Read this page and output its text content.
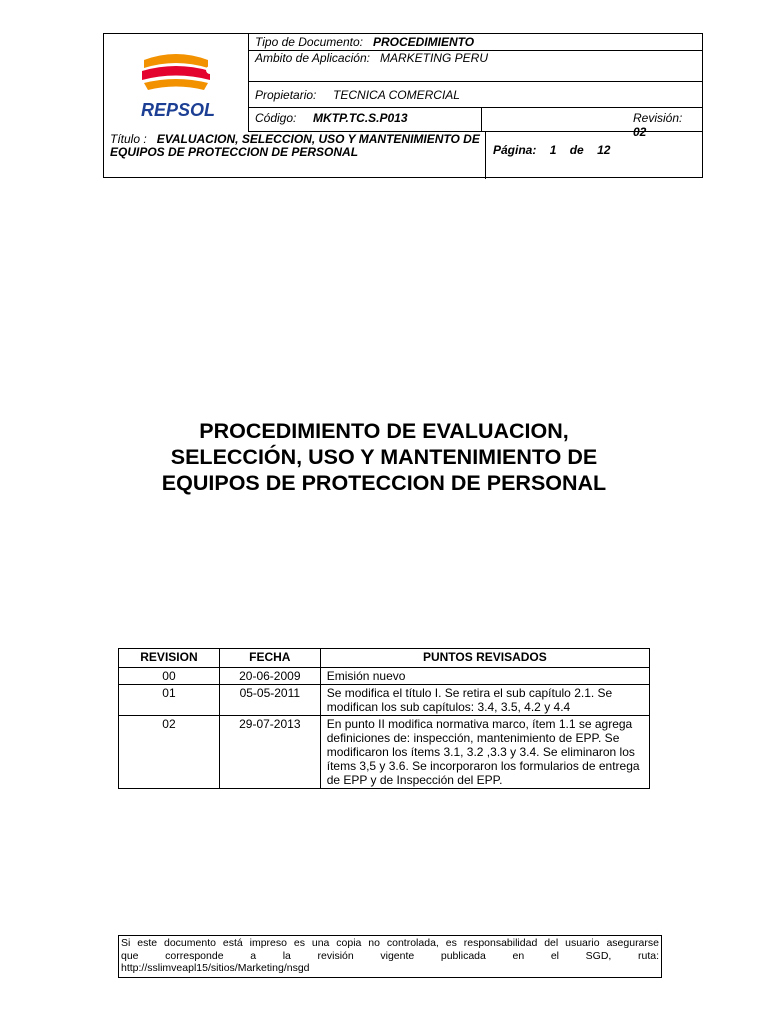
REPSOL
Tipo de Documento: PROCEDIMIENTO
Ambito de Aplicación: MARKETING PERU
Propietario: TECNICA COMERCIAL
Código: MKTP.TC.S.P013	Revisión:  02
Título : EVALUACION, SELECCION, USO Y MANTENIMIENTO DE EQUIPOS DE PROTECCION DE PERSONAL	Página: 1 de 12
PROCEDIMIENTO DE EVALUACION,
SELECCIÓN, USO Y MANTENIMIENTO DE
EQUIPOS DE PROTECCION DE PERSONAL
REVISION	FECHA	PUNTOS REVISADOS
00	20-06-2009	Emisión nuevo
01	05-05-2011	Se modifica el título I. Se retira el sub capítulo 2.1. Se modifican los sub capítulos: 3.4, 3.5, 4.2 y 4.4
02	29-07-2013	En punto II modifica normativa marco, ítem 1.1 se agrega definiciones de: inspección, mantenimiento de EPP. Se modificaron los ítems 3.1, 3.2 ,3.3 y 3.4. Se eliminaron los ítems 3,5 y 3.6. Se incorporaron los formularios de entrega de EPP y de Inspección del EPP.
Si este documento está impreso es una copia no controlada, es responsabilidad del usuario asegurarse
que corresponde a la revisión vigente publicada en el SGD, ruta:
http://sslimveapl15/sitios/Marketing/nsgd
